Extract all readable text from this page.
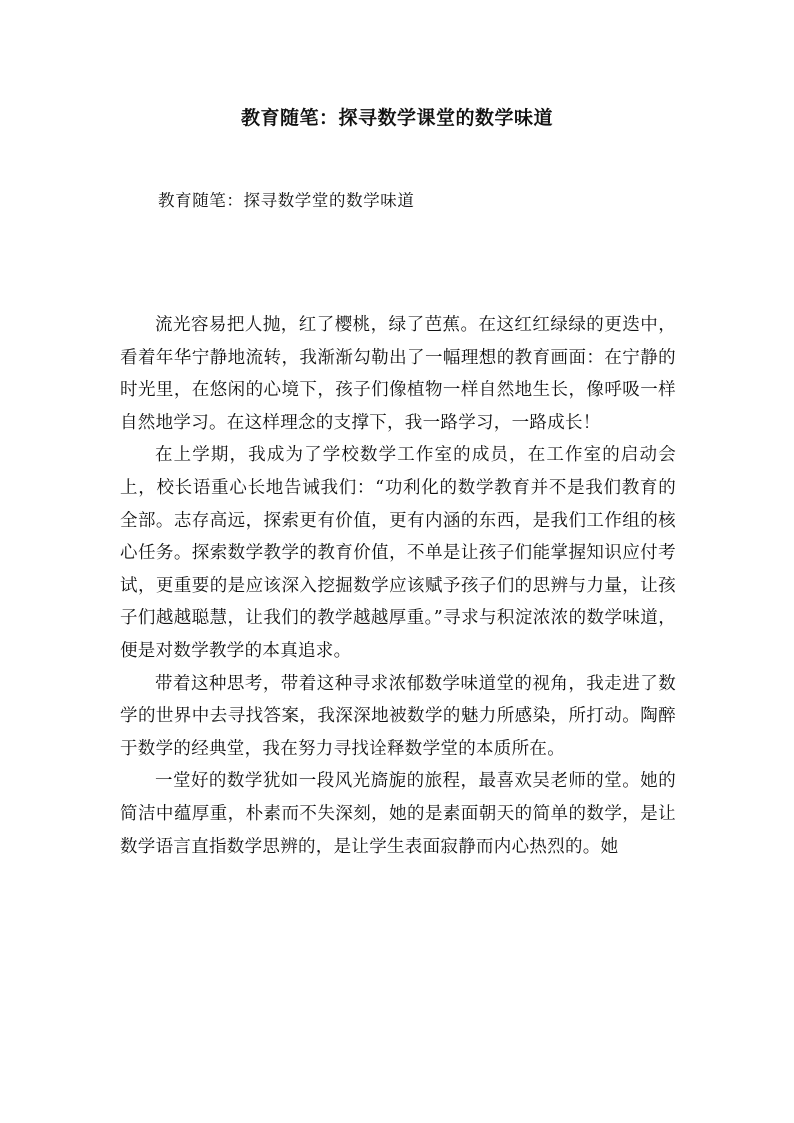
教育随笔：探寻数学课堂的数学味道
教育随笔：探寻数学堂的数学味道

流光容易把人抛，红了樱桃，绿了芭蕉。在这红红绿绿的更迭中，看着年华宁静地流转，我渐渐勾勒出了一幅理想的教育画面：在宁静的时光里，在悠闲的心境下，孩子们像植物一样自然地生长，像呼吸一样自然地学习。在这样理念的支撑下，我一路学习，一路成长！

在上学期，我成为了学校数学工作室的成员，在工作室的启动会上，校长语重心长地告诫我们：“功利化的数学教育并不是我们教育的全部。志存高远，探索更有价值，更有内涵的东西，是我们工作组的核心任务。探索数学教学的教育价值，不单是让孩子们能掌握知识应付考试，更重要的是应该深入挖掘数学应该赋予孩子们的思辨与力量，让孩子们越越聪慧，让我们的教学越越厚重。”寻求与积淀浓浓的数学味道，便是对数学教学的本真追求。

带着这种思考，带着这种寻求浓郁数学味道堂的视角，我走进了数学的世界中去寻找答案，我深深地被数学的魅力所感染，所打动。陶醉于数学的经典堂，我在努力寻找诠释数学堂的本质所在。

一堂好的数学犹如一段风光旖旎的旅程，最喜欢吴老师的堂。她的简洁中蕴厚重，朴素而不失深刻，她的是素面朝天的简单的数学，是让数学语言直指数学思辨的，是让学生表面寂静而内心热烈的。她
